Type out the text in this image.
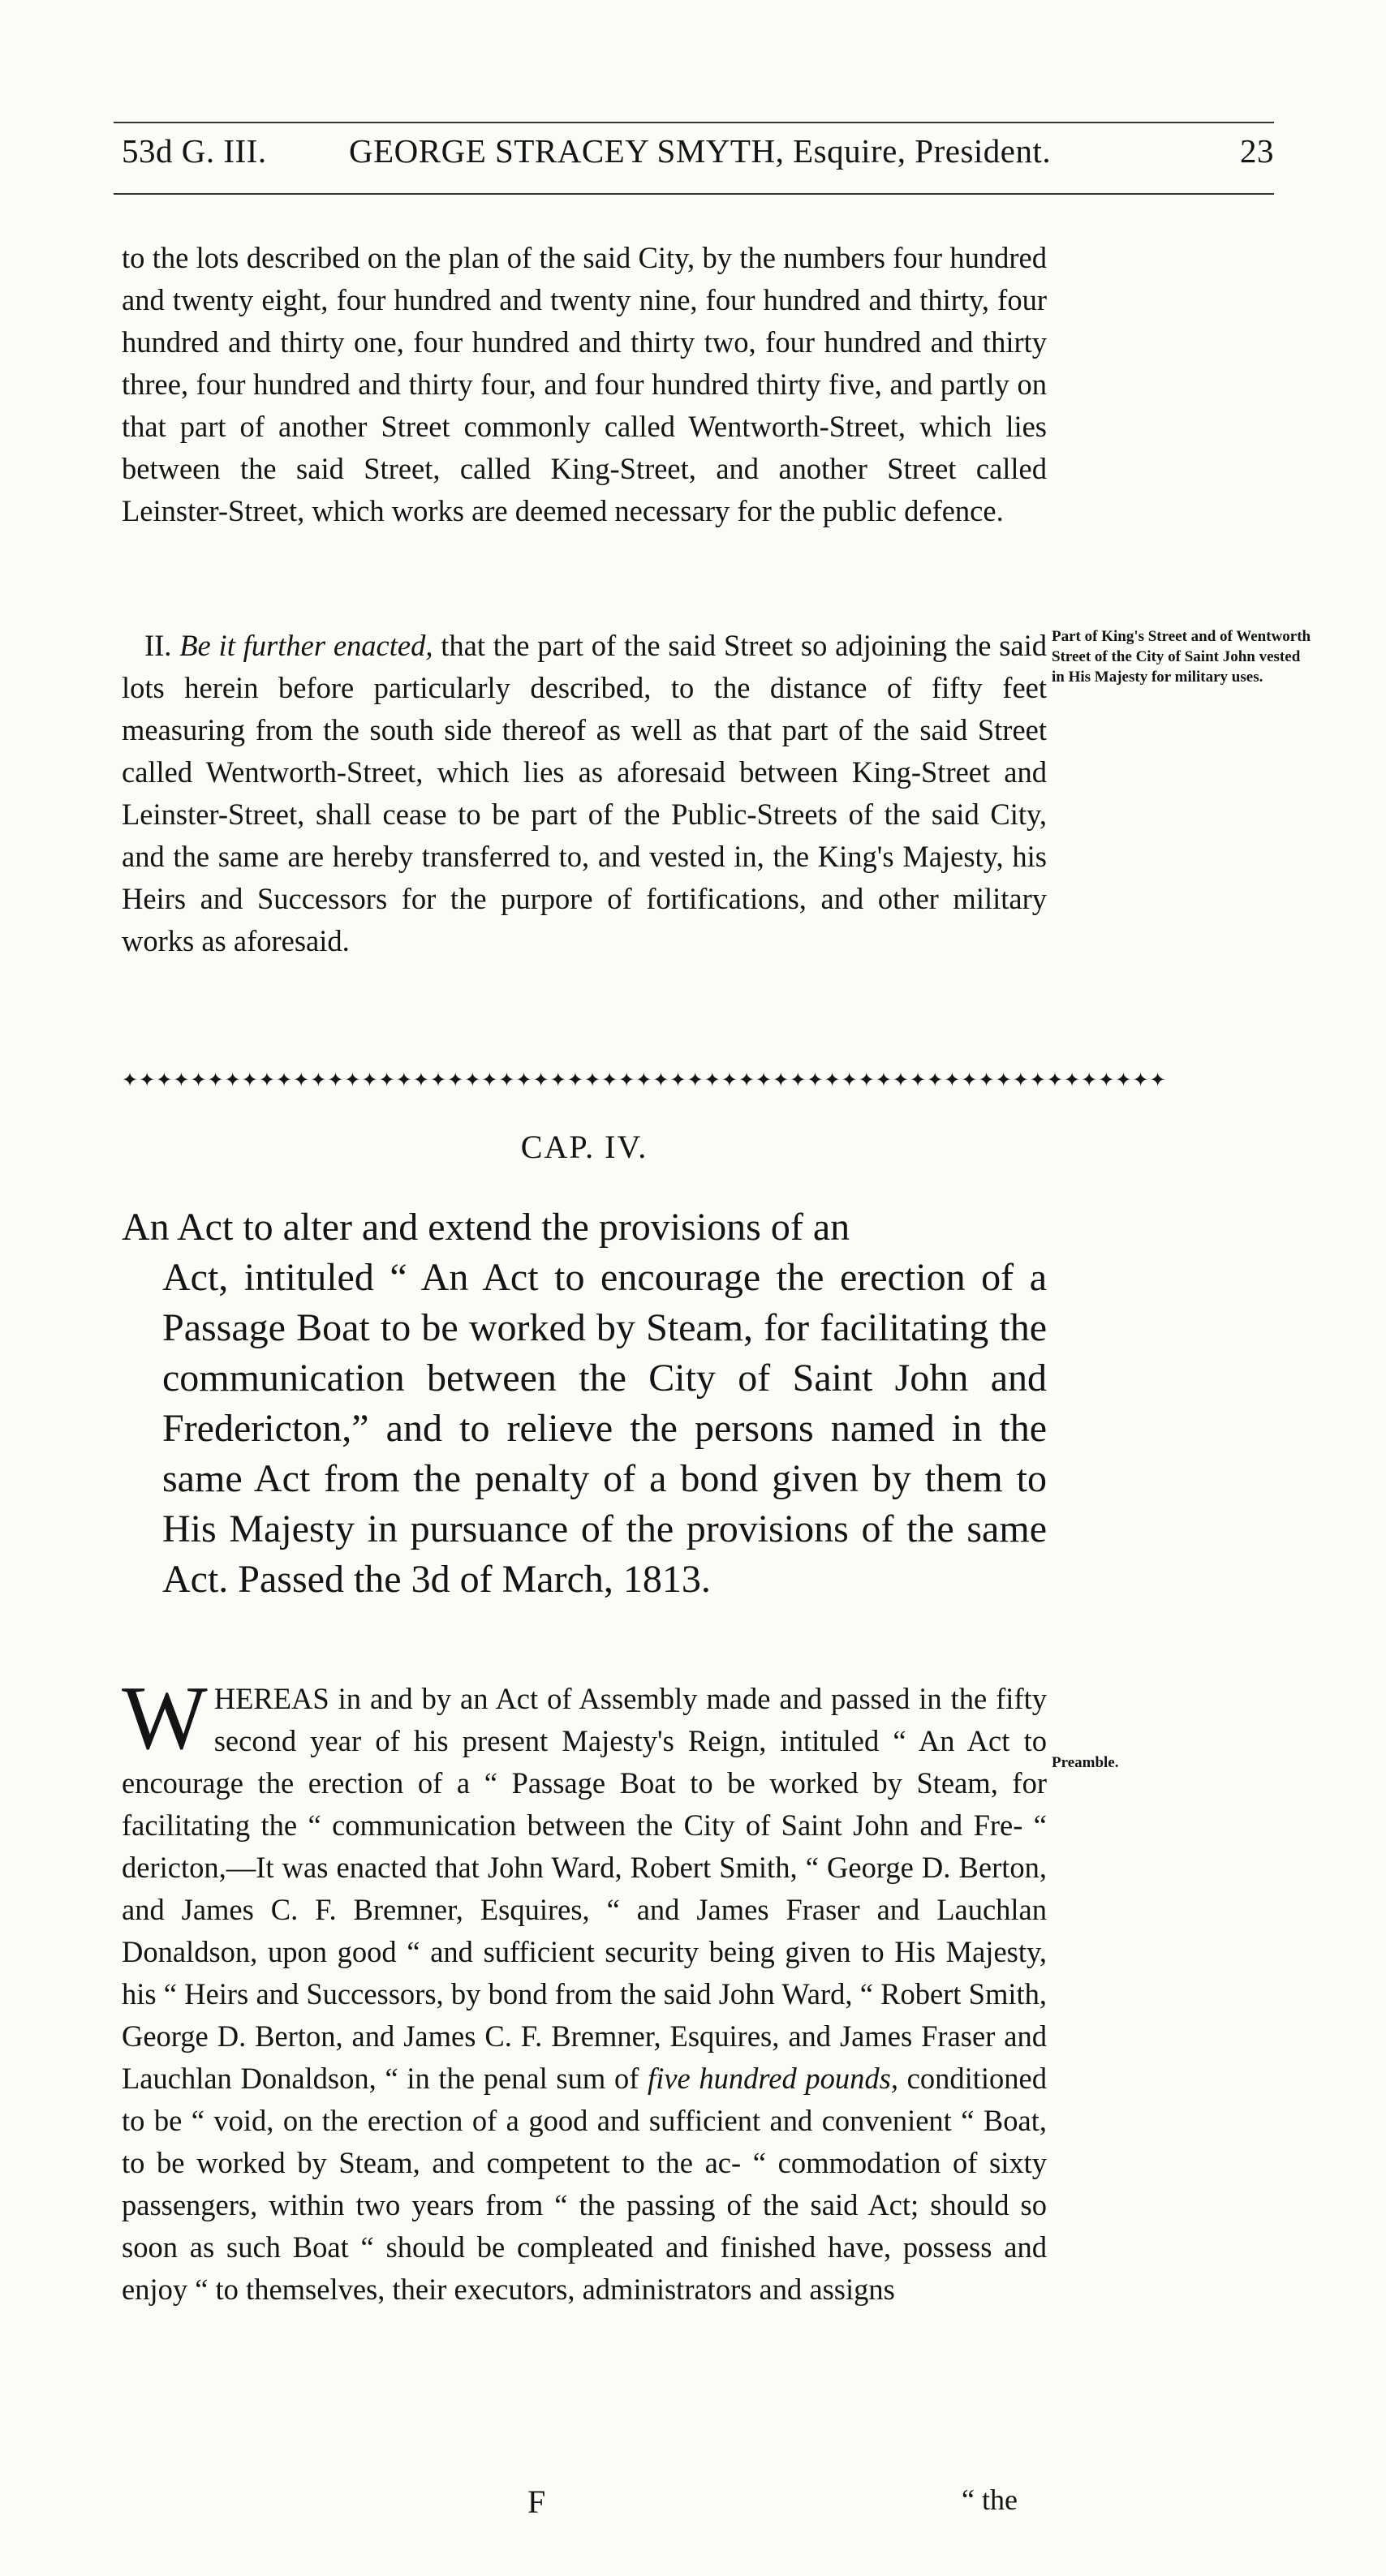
53d G. III. GEORGE STRACEY SMYTH, Esquire, President.	23

to the lots described on the plan of the said City, by the numbers four hundred and twenty eight, four hundred and twenty nine, four hundred and thirty, four hundred and thirty one, four hundred and thirty two, four hundred and thirty three, four hundred and thirty four, and four hundred thirty five, and partly on that part of another Street commonly called Wentworth-Street, which lies between the said Street, called King-Street, and another Street called Leinster-Street, which works are deemed necessary for the public defence.

II. Be it further enacted, that the part of the said Street so adjoining the said lots herein before particularly described, to the distance of fifty feet measuring from the south side thereof as well as that part of the said Street called Wentworth-Street, which lies as aforesaid between King-Street and Leinster-Street, shall cease to be part of the Public-Streets of the said City, and the same are hereby transferred to, and vested in, the King's Majesty, his Heirs and Successors for the purpore of fortifications, and other military works as aforesaid.

Part of King's Street and of Wentworth Street of the City of Saint John vested in His Majesty for military uses.
✦✦✦✦✦✦✦✦✦✦✦✦✦✦✦✦✦✦✦✦✦✦✦✦✦✦✦✦✦✦✦✦✦✦✦✦✦✦✦✦✦✦✦✦✦✦✦✦✦✦✦✦✦✦✦✦✦✦✦✦✦
CAP. IV.
An Act to alter and extend the provisions of an
Act, intituled “ An Act to encourage the erection of a Passage Boat to be worked by Steam, for facilitating the communication between the City of Saint John and Fredericton,” and to relieve the persons named in the same Act from the penalty of a bond given by them to His Majesty in pursuance of the provisions of the same Act. Passed the 3d of March, 1813.

WHEREAS in and by an Act of Assembly made and passed in the fifty second year of his present Majesty's Reign, intituled “ An Act to encourage the erection of a “ Passage Boat to be worked by Steam, for facilitating the “ communication between the City of Saint John and Fre- “ dericton,—It was enacted that John Ward, Robert Smith, “ George D. Berton, and James C. F. Bremner, Esquires, “ and James Fraser and Lauchlan Donaldson, upon good “ and sufficient security being given to His Majesty, his “ Heirs and Successors, by bond from the said John Ward, “ Robert Smith, George D. Berton, and James C. F. Bremner, Esquires, and James Fraser and Lauchlan Donaldson, “ in the penal sum of five hundred pounds, conditioned to be “ void, on the erection of a good and sufficient and convenient “ Boat, to be worked by Steam, and competent to the ac- “ commodation of sixty passengers, within two years from “ the passing of the said Act; should so soon as such Boat “ should be compleated and finished have, possess and enjoy “ to themselves, their executors, administrators and assigns

Preamble.
F	“ the
